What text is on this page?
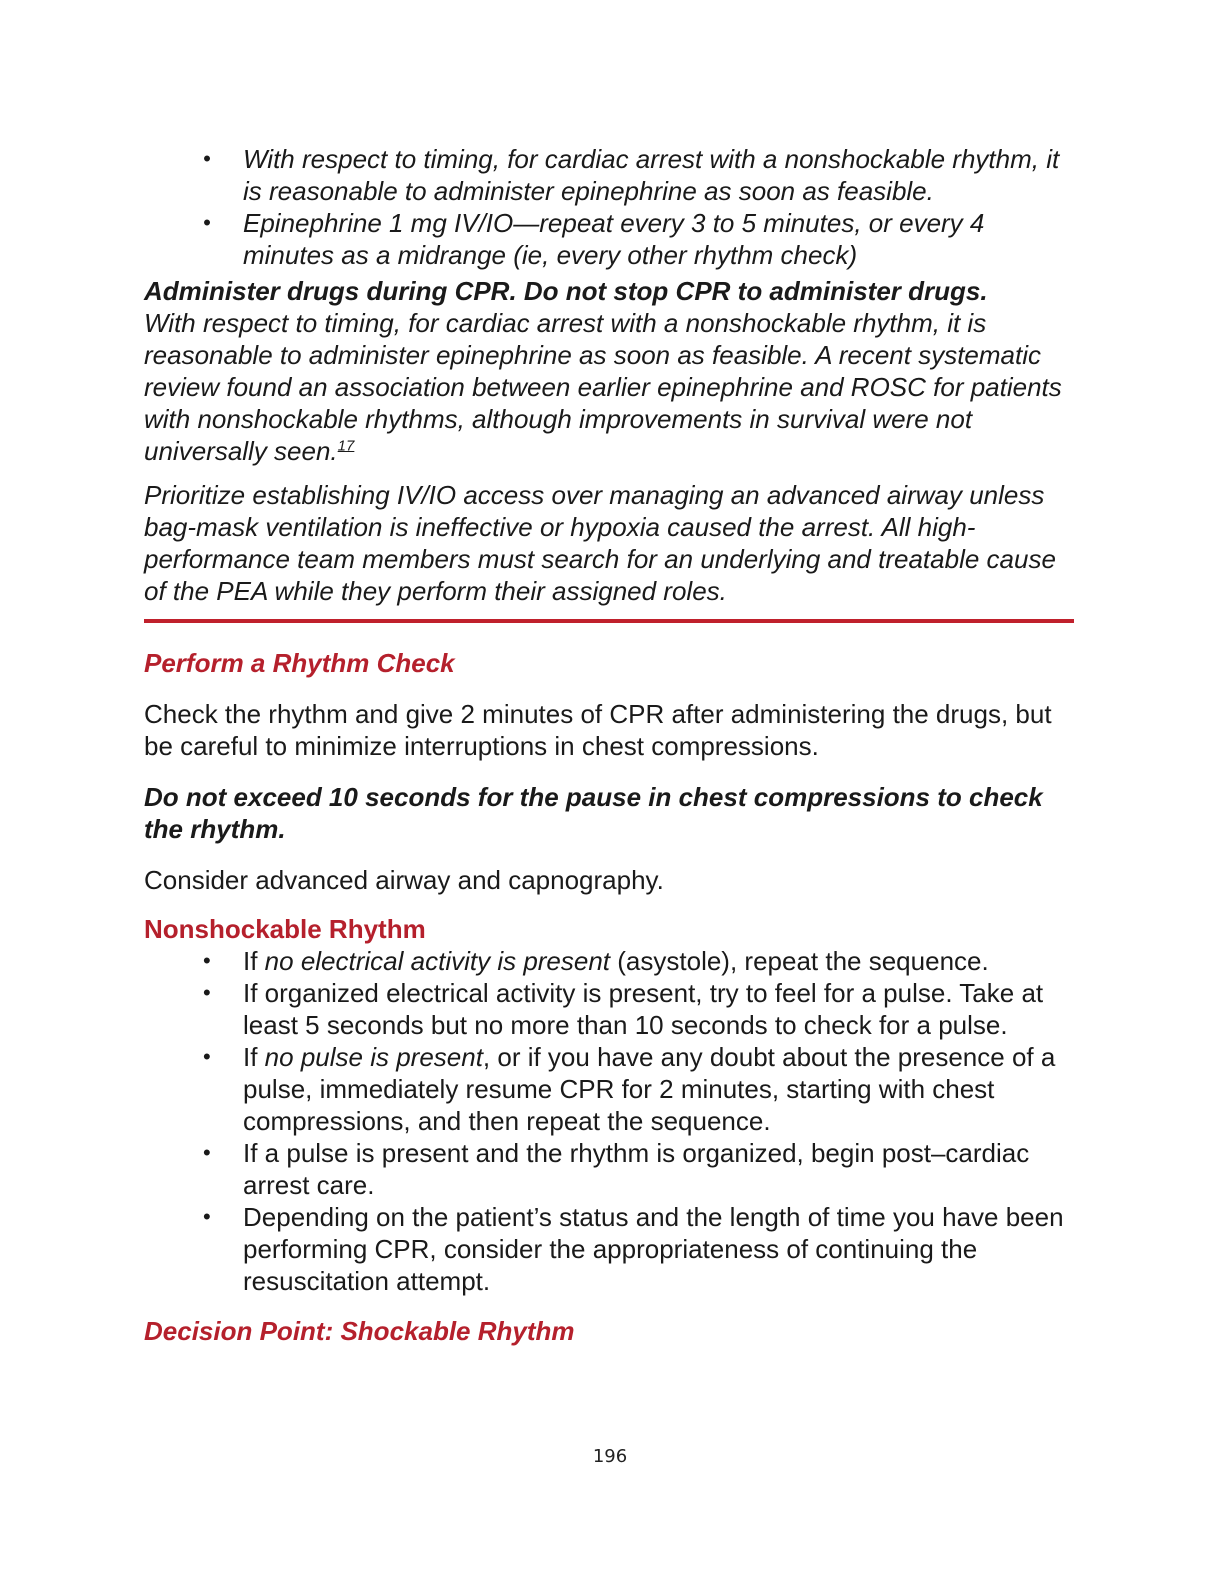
• With respect to timing, for cardiac arrest with a nonshockable rhythm, it is reasonable to administer epinephrine as soon as feasible.
• Epinephrine 1 mg IV/IO—repeat every 3 to 5 minutes, or every 4 minutes as a midrange (ie, every other rhythm check)
Administer drugs during CPR. Do not stop CPR to administer drugs.
With respect to timing, for cardiac arrest with a nonshockable rhythm, it is reasonable to administer epinephrine as soon as feasible. A recent systematic review found an association between earlier epinephrine and ROSC for patients with nonshockable rhythms, although improvements in survival were not universally seen.$^{17}$
Prioritize establishing IV/IO access over managing an advanced airway unless bag-mask ventilation is ineffective or hypoxia caused the arrest. All high-performance team members must search for an underlying and treatable cause of the PEA while they perform their assigned roles.
Perform a Rhythm Check
Check the rhythm and give 2 minutes of CPR after administering the drugs, but be careful to minimize interruptions in chest compressions.
Do not exceed 10 seconds for the pause in chest compressions to check the rhythm.
Consider advanced airway and capnography.
Nonshockable Rhythm
• If no electrical activity is present (asystole), repeat the sequence.
• If organized electrical activity is present, try to feel for a pulse. Take at least 5 seconds but no more than 10 seconds to check for a pulse.
• If no pulse is present, or if you have any doubt about the presence of a pulse, immediately resume CPR for 2 minutes, starting with chest compressions, and then repeat the sequence.
• If a pulse is present and the rhythm is organized, begin post–cardiac arrest care.
• Depending on the patient’s status and the length of time you have been performing CPR, consider the appropriateness of continuing the resuscitation attempt.
Decision Point: Shockable Rhythm
196
